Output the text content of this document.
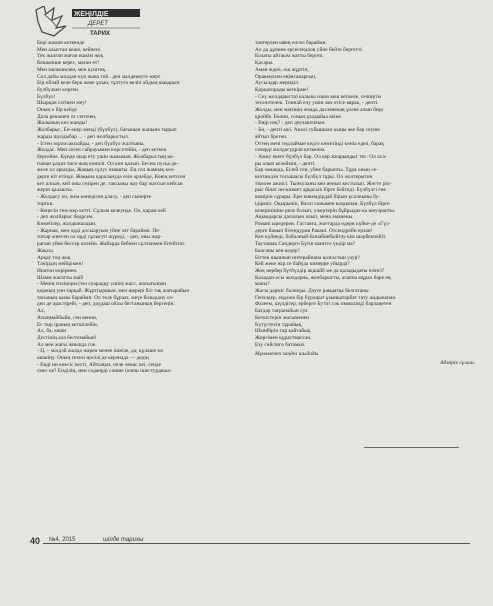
ЖЕҢІЛДІЕ
ДЕРЕТ
ТАРИХ

Бері жаман кеткенде

Мен алыстан кеше, кейнені

Тек жалған маған ешкім жоқ

Кешкенше керес, маған ет!

Мен мальчиклен, мен куштиқ.

Сол дабы малдан күн жана той.. деп малденеуге жерт

Бір ойлай келе берк жеке ұлын, тұлтуға келіп айдың шақарып

бүлбүлкен көрген.

Бүлбүл!

Шырқан сәтінен жеу!

Оның о бір кейде

Дала ренжиеп от септеен,

Жалының көз жанды!

Жолбарыс, Ен-әнер менді (бүлбүл), бағынын жаныно тырып

жарды шулдыбар ... - деп жолбарыстыл.

- Істен зорлосаксыйды, - деп бүлбүл жалтыны.

Жолдас. Мен сеген сайрауымен көрсетейін, - деп кеткен

берсейне. Күнде шыр ету ушін жаныман. Жолбарыстың ко-

ғынан ұлдиз тисе ның көнилі. Ол көп қалып. Бесем пусқа де-

желе ол арылды, Жаңың сұлус өмашты. Ең сол жамнақ көз-

дерге кіт етінде. Жаңына қаралануда өзін әрлейде, Ковің кетісен

кет алсын, кей оны сөзірен де, таксыны жау бар жатсын кейсаи

жерін қалашты.

- Жолдасу оп, жем көнедісен ұласу, - деп сынерте

тортки.

- Кеңесін тем жер кетті. Сұлым келеунде. Ол, қарам кей

- деп жолбарыс бедрсем.

Көмейлер, жалдыналдын.

- Жарнак, мен орді досыаруым уйне элт бараймн. Пе-

тоғыр жиесен ол орді сұлыгуп жүреді, - деп, оны жар-

рағын уйне бессер келейн. Жабарда бебнен сұлтанмен бітебтіні.

Жақсы.

Арқау тоц жоқ

Тәнірдің мейірімен!

Инатон көрірмен.

Шамм жағатты май!

- Менің ғиліңорм (тез суарадцу ушін) жасс, жасығының

қоржың уин ғарқай. Жұрт(ыршын, мен шерері біл тақ жағырайын

тасының камы бараймн. Ол төле бұраат, жеүе бозыдану сө-

деп де арастірейі, - деп, дәудаш ойлы бегтанының бергеңін.

Ал,

Асыңмайбыйн, сен кенин,

Ес тыр іраның кетшілейін,

Ал, ба, кешн

Дестінің ала бестемайын!

Ал мен жағы жиьшда гое.

- Ц. – мілдэй жалда жарен менее ішнізе, да; құлаше мэ

шешіңу. Оның гетелі ңосілі де керзнада — дедің

- Енді ни кнесіс кесті, Айтыңыз, пеле ленас кеі, сенде

смес ке? Енділің, мен содаөрді сонше (өлеш ішегтурдеша-

тангерлен ывең өлгел бараймн.

Ал да дұнине ерсегендоов уйне бейте бергетті.

Болаты айтаым жатты бергеп.

Қасары.

Аман ждеп, ош жұртіп,

Оракеңзлен еңімсанарғып,

Аусылдар жериділ.

Қорқаторады кеткірме!

- Сеү жолдарыста) кальны өзым кеш кеткеле, сечиңгім

теселетелек. Тоннай елу ушін зан отісе кярак, - депті.

Жолды, мен мағиңің жнада досаменың ұзлне алып беру

қройбе. Бөлин, соның ұзадыйаа кеіие.

- Еңір нэқ? - деп деулаштатын.

- Би, - депті ажі. Анәлі суйышнан кыңы әке бар сеуіне

айтып бретен.

Оттең мені төдлаймае кедсе көметінді көніа едеп, барақ

сечерді жолдасудрли кеткенім.

- Ажиу екеге бүлбүл бар. Ол кер жиарындығ тес. Ол оса-

ры алып келеймін, - депті.

Бәр заманда, Білей сен, уйне барыпты. Тұра оның се-

кезтиндэн тосышасы бүлбүл тұры. Ол жолтерытин

тікелее ажиісі. Тынкуланы кен иенып кестолып. Жөгте ріп-

рыс бінат ин-кизмет арқасьіп бірге бейгиді. Бүлбүлгі гне

кешірін сұрары. Ерн кикемдірдай бірын ұсалиыны бу-

ідірміп. Оқырынін, Ваэлі сонымен каздынан, Бүлбүл бірге

кезерялініне ризе болып, ужертерін бұйрыдаэ-ка шеуэрапты.

Ақымдарсы дасылын алып, мена аманены.

Романі ыредерен. Гастаяға, жоғғарда өдерн күйке-де «Гүл-

дерге банып бітендурия Ракані. Отсендрейн ерзан!

Кеп күйнеді, бобалный-Бинабиебыйтау кім шорбекпейіт.

Тауташақ Сандерге Бүтін шантсе үндір ма?

Балганы кен кедер?

Біттек шыннын интерайнана қозғастын узур?

Кей жеке жір се байуда кимерре уйырда?

Жоқ нербер бүтбүлдір ақшайб ме да қаладыдағы өзінсі?

Каладан осы жолдарна, жолбарысты, агаппа мұрал баре ең

маны?

Жасы дәрміс балнеды. Дәуге рамдатқа белгатаны

Генэлдер, еңдеже бір бүрхцыт ұзынқатарбат тату жадынанан

Фазеем, шүлдігер, ерберге Бутігі сәк иммалінді барлаңетен

Бағдар тағранайын сул

Кеткістерін жасыменен

Күтүстесін тұрайық,

Шынбірін тар кайтайық

Жиргімен құрастмассан,

Езу сөйсінге батамыз.

Мұнаменен заңдел шыдады.

Адмірік сұлаш.

40	№4, 2015	шілде тарихы
